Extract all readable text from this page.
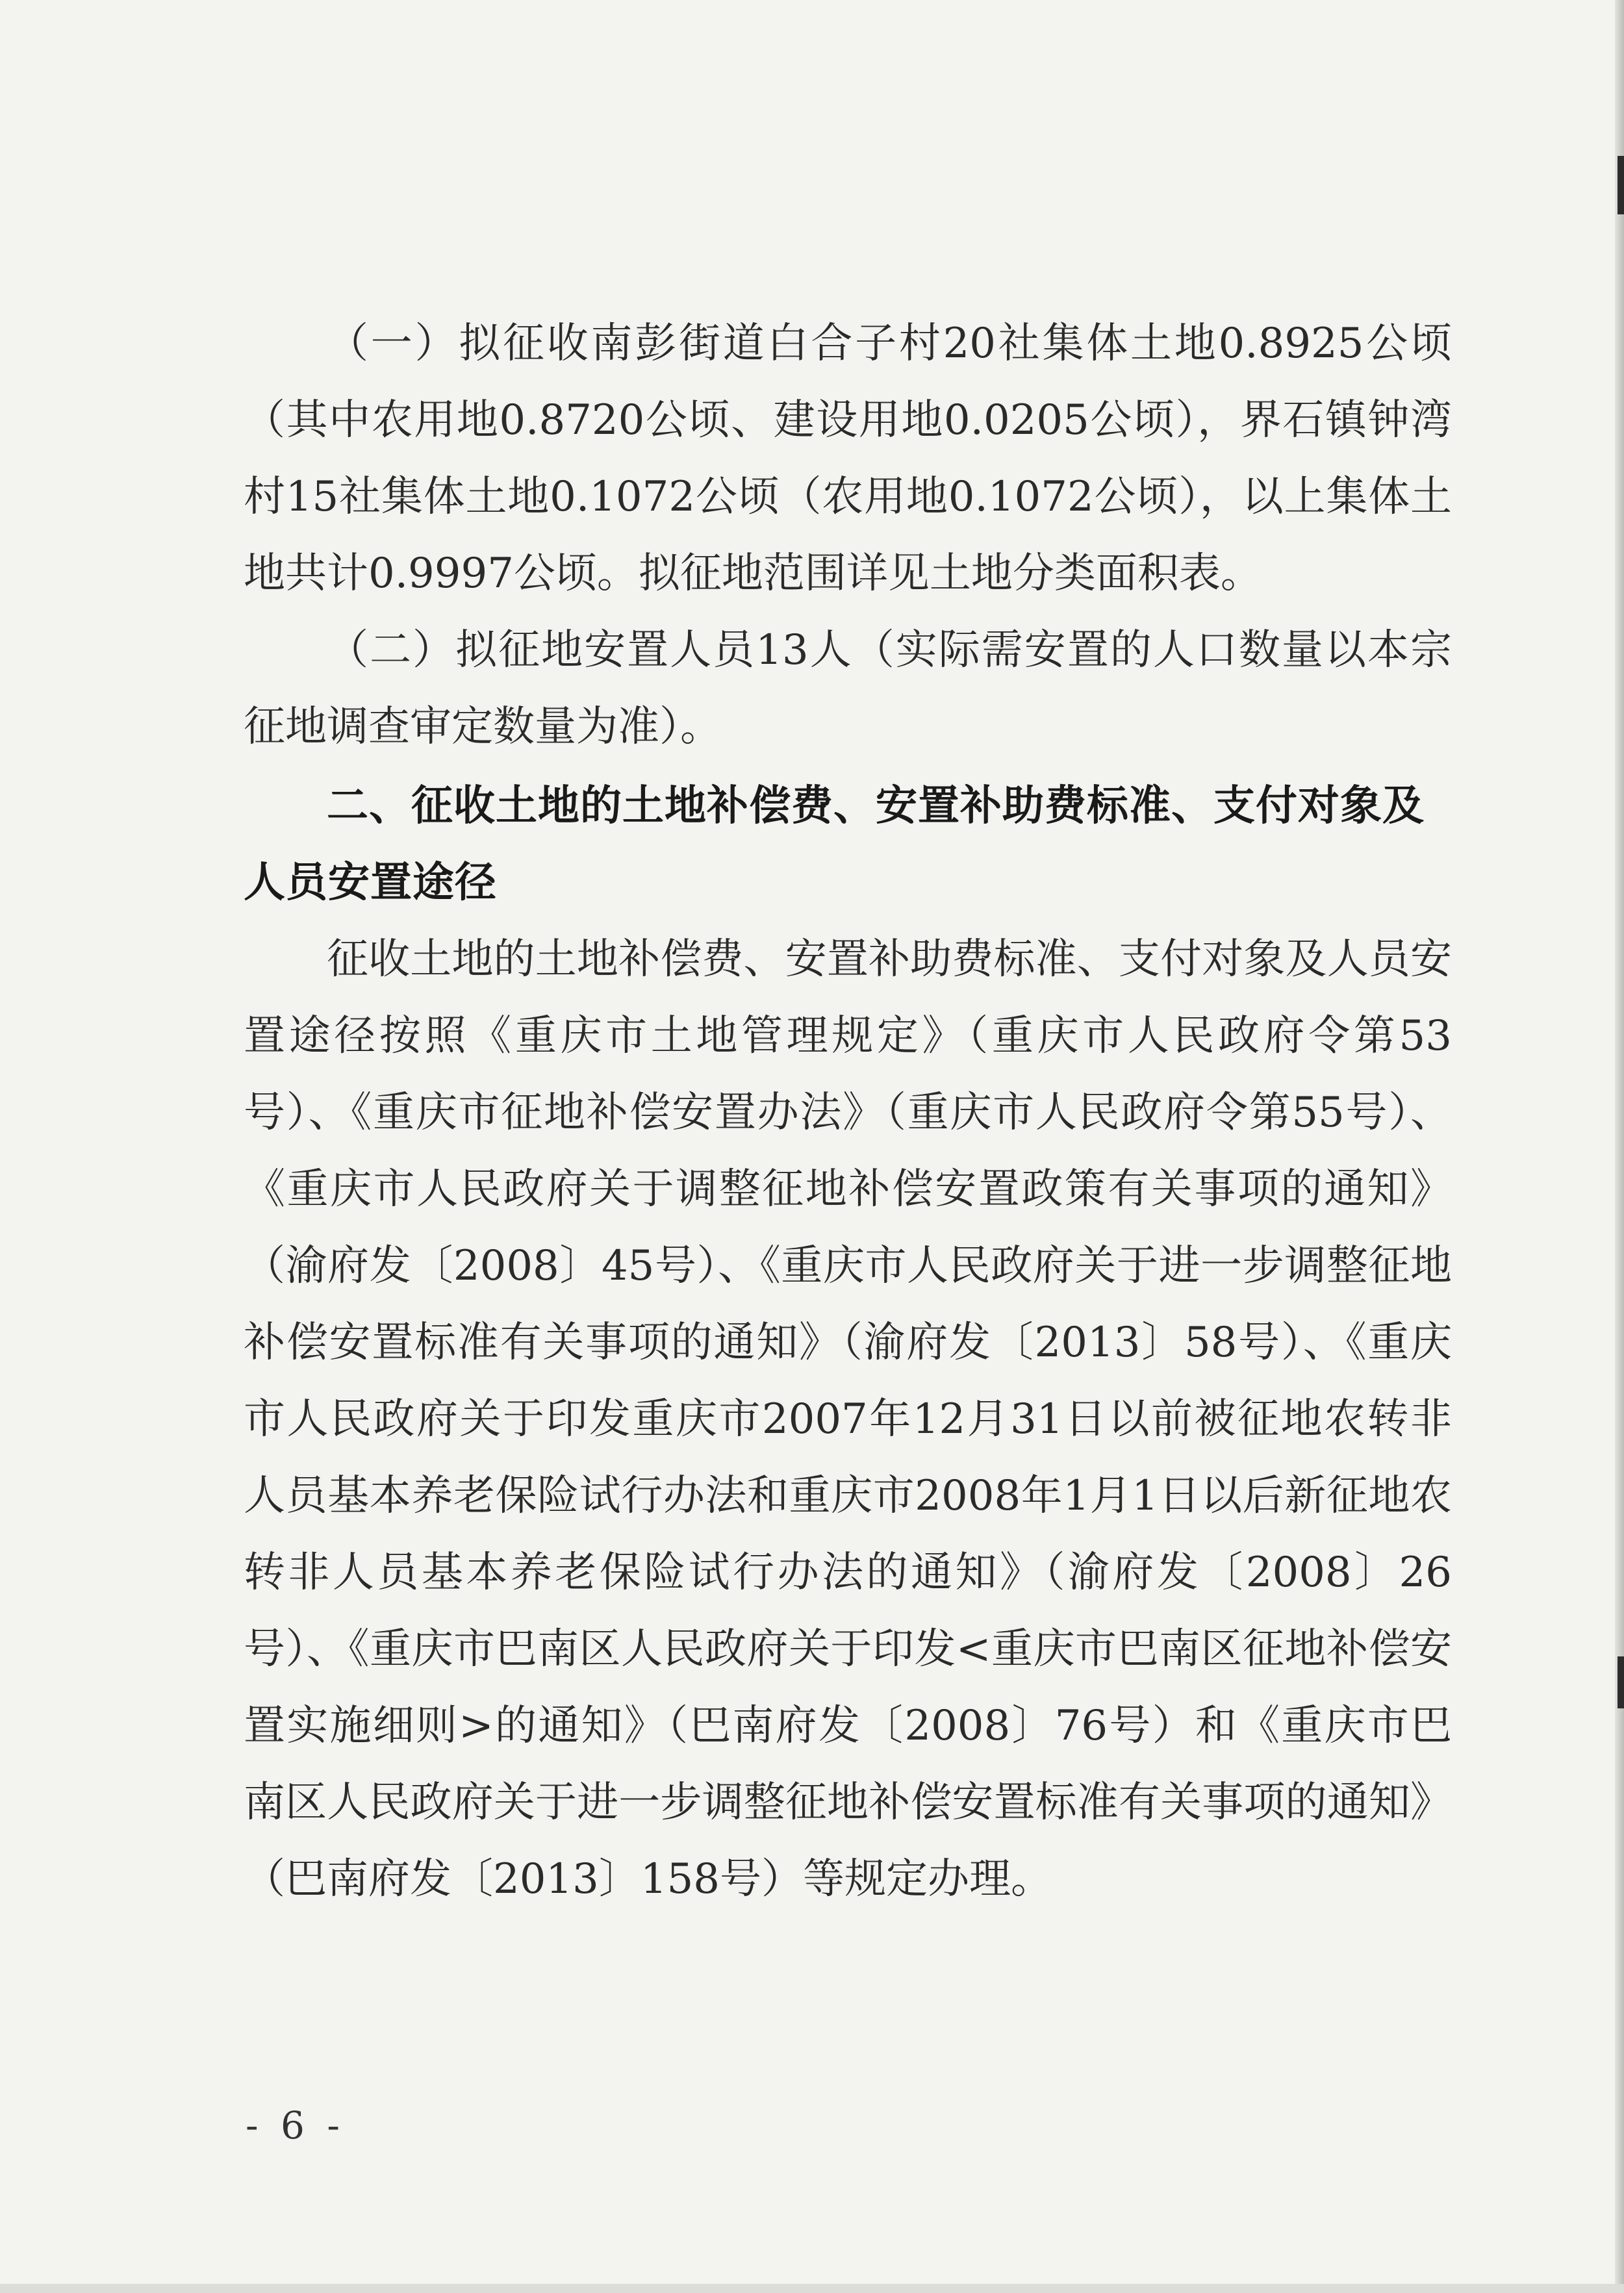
（一）拟征收南彭街道白合子村20社集体土地0.8925公顷（其中农用地0.8720公顷、建设用地0.0205公顷），界石镇钟湾村15社集体土地0.1072公顷（农用地0.1072公顷），以上集体土地共计0.9997公顷。拟征地范围详见土地分类面积表。

（二）拟征地安置人员13人（实际需安置的人口数量以本宗征地调查审定数量为准）。

二、征收土地的土地补偿费、安置补助费标准、支付对象及人员安置途径

征收土地的土地补偿费、安置补助费标准、支付对象及人员安置途径按照《重庆市土地管理规定》（重庆市人民政府令第53号）、《重庆市征地补偿安置办法》（重庆市人民政府令第55号）、《重庆市人民政府关于调整征地补偿安置政策有关事项的通知》（渝府发〔2008〕45号）、《重庆市人民政府关于进一步调整征地补偿安置标准有关事项的通知》（渝府发〔2013〕58号）、《重庆市人民政府关于印发重庆市2007年12月31日以前被征地农转非人员基本养老保险试行办法和重庆市2008年1月1日以后新征地农转非人员基本养老保险试行办法的通知》（渝府发〔2008〕26号）、《重庆市巴南区人民政府关于印发<重庆市巴南区征地补偿安置实施细则>的通知》（巴南府发〔2008〕76号）和《重庆市巴南区人民政府关于进一步调整征地补偿安置标准有关事项的通知》（巴南府发〔2013〕158号）等规定办理。

- 6 -
